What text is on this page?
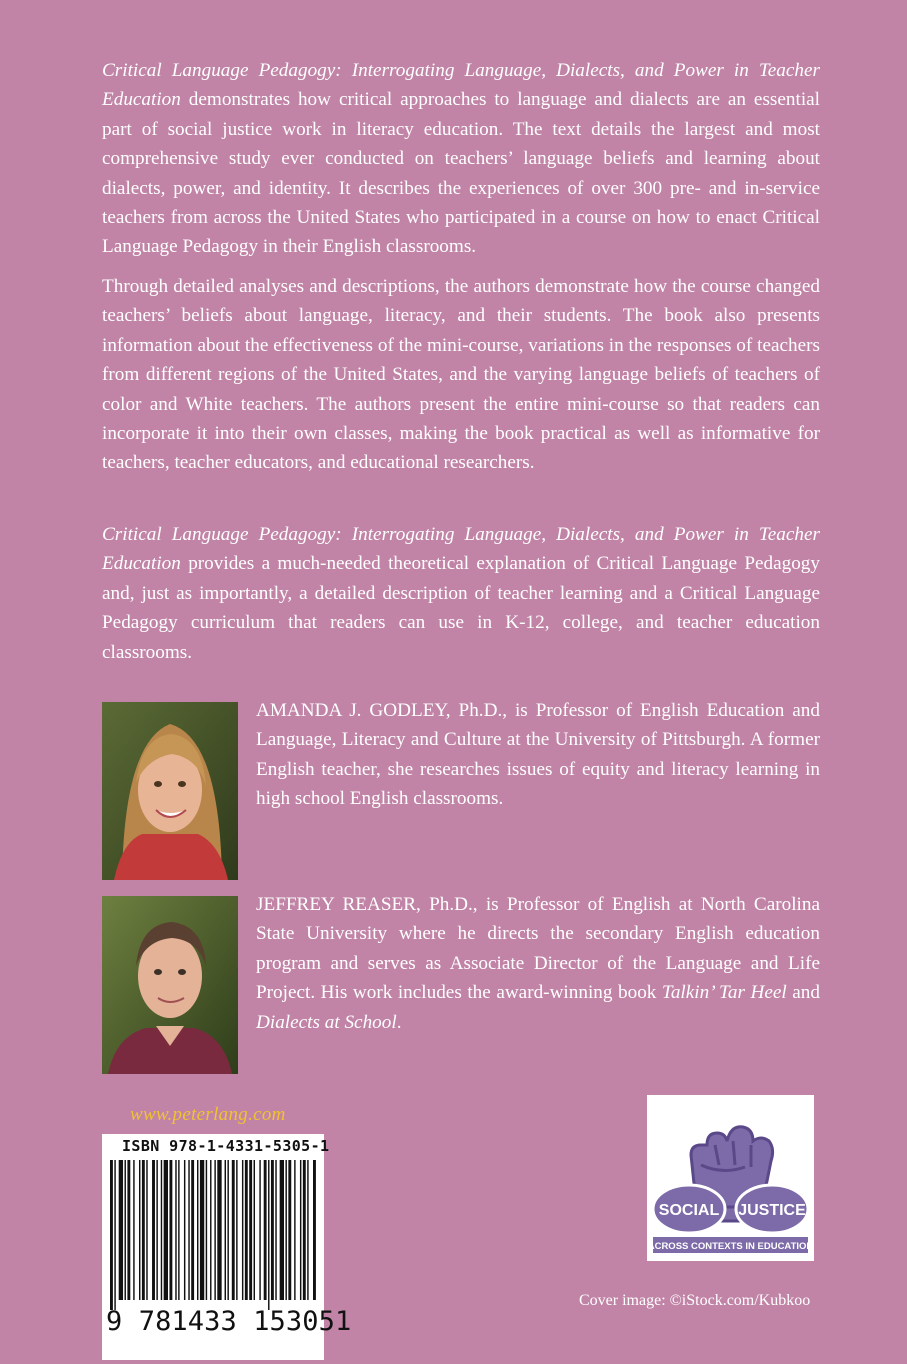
Critical Language Pedagogy: Interrogating Language, Dialects, and Power in Teacher Education demonstrates how critical approaches to language and dialects are an essential part of social justice work in literacy education. The text details the largest and most comprehensive study ever conducted on teachers’ language beliefs and learning about dialects, power, and identity. It describes the experiences of over 300 pre- and in-service teachers from across the United States who participated in a course on how to enact Critical Language Pedagogy in their English classrooms.

Through detailed analyses and descriptions, the authors demonstrate how the course changed teachers’ beliefs about language, literacy, and their students. The book also presents information about the effectiveness of the mini-course, variations in the responses of teachers from different regions of the United States, and the varying language beliefs of teachers of color and White teachers. The authors present the entire mini-course so that readers can incorporate it into their own classes, making the book practical as well as informative for teachers, teacher educators, and educational researchers.

Critical Language Pedagogy: Interrogating Language, Dialects, and Power in Teacher Education provides a much-needed theoretical explanation of Critical Language Pedagogy and, just as importantly, a detailed description of teacher learning and a Critical Language Pedagogy curriculum that readers can use in K-12, college, and teacher education classrooms.

AMANDA J. GODLEY, Ph.D., is Professor of English Education and Language, Literacy and Culture at the University of Pittsburgh. A former English teacher, she researches issues of equity and literacy learning in high school English classrooms.

JEFFREY REASER, Ph.D., is Professor of English at North Carolina State University where he directs the secondary English education program and serves as Associate Director of the Language and Life Project. His work includes the award-winning book Talkin’ Tar Heel and Dialects at School.

www.peterlang.com
ISBN 978-1-4331-5305-1
9 781433 153051
SOCIAL JUSTICE
ACROSS CONTEXTS IN EDUCATION
Cover image: ©iStock.com/Kubkoo
